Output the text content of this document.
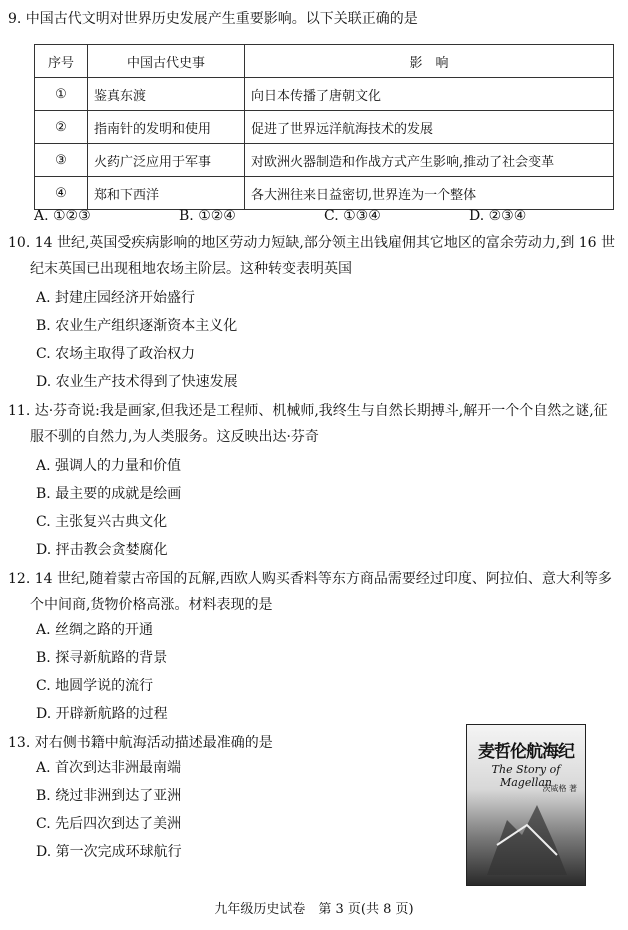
9. 中国古代文明对世界历史发展产生重要影响。以下关联正确的是

序号	中国古代史事	影　响
①	鉴真东渡	向日本传播了唐朝文化
②	指南针的发明和使用	促进了世界远洋航海技术的发展
③	火药广泛应用于军事	对欧洲火器制造和作战方式产生影响,推动了社会变革
④	郑和下西洋	各大洲往来日益密切,世界连为一个整体
A. ①②③	B. ①②④	C. ①③④	D. ②③④

10. 14 世纪,英国受疾病影响的地区劳动力短缺,部分领主出钱雇佣其它地区的富余劳动力,到 16 世纪末英国已出现租地农场主阶层。这种转变表明英国

A. 封建庄园经济开始盛行
B. 农业生产组织逐渐资本主义化
C. 农场主取得了政治权力
D. 农业生产技术得到了快速发展

11. 达·芬奇说:我是画家,但我还是工程师、机械师,我终生与自然长期搏斗,解开一个个自然之谜,征服不驯的自然力,为人类服务。这反映出达·芬奇

A. 强调人的力量和价值
B. 最主要的成就是绘画
C. 主张复兴古典文化
D. 抨击教会贪婪腐化

12. 14 世纪,随着蒙古帝国的瓦解,西欧人购买香料等东方商品需要经过印度、阿拉伯、意大利等多个中间商,货物价格高涨。材料表现的是

A. 丝绸之路的开通
B. 探寻新航路的背景
C. 地圆学说的流行
D. 开辟新航路的过程

13. 对右侧书籍中航海活动描述最准确的是

A. 首次到达非洲最南端
B. 绕过非洲到达了亚洲
C. 先后四次到达了美洲
D. 第一次完成环球航行
麦哲伦航海纪
The Story of Magellan
茨威格 著
九年级历史试卷　第 3 页(共 8 页)
